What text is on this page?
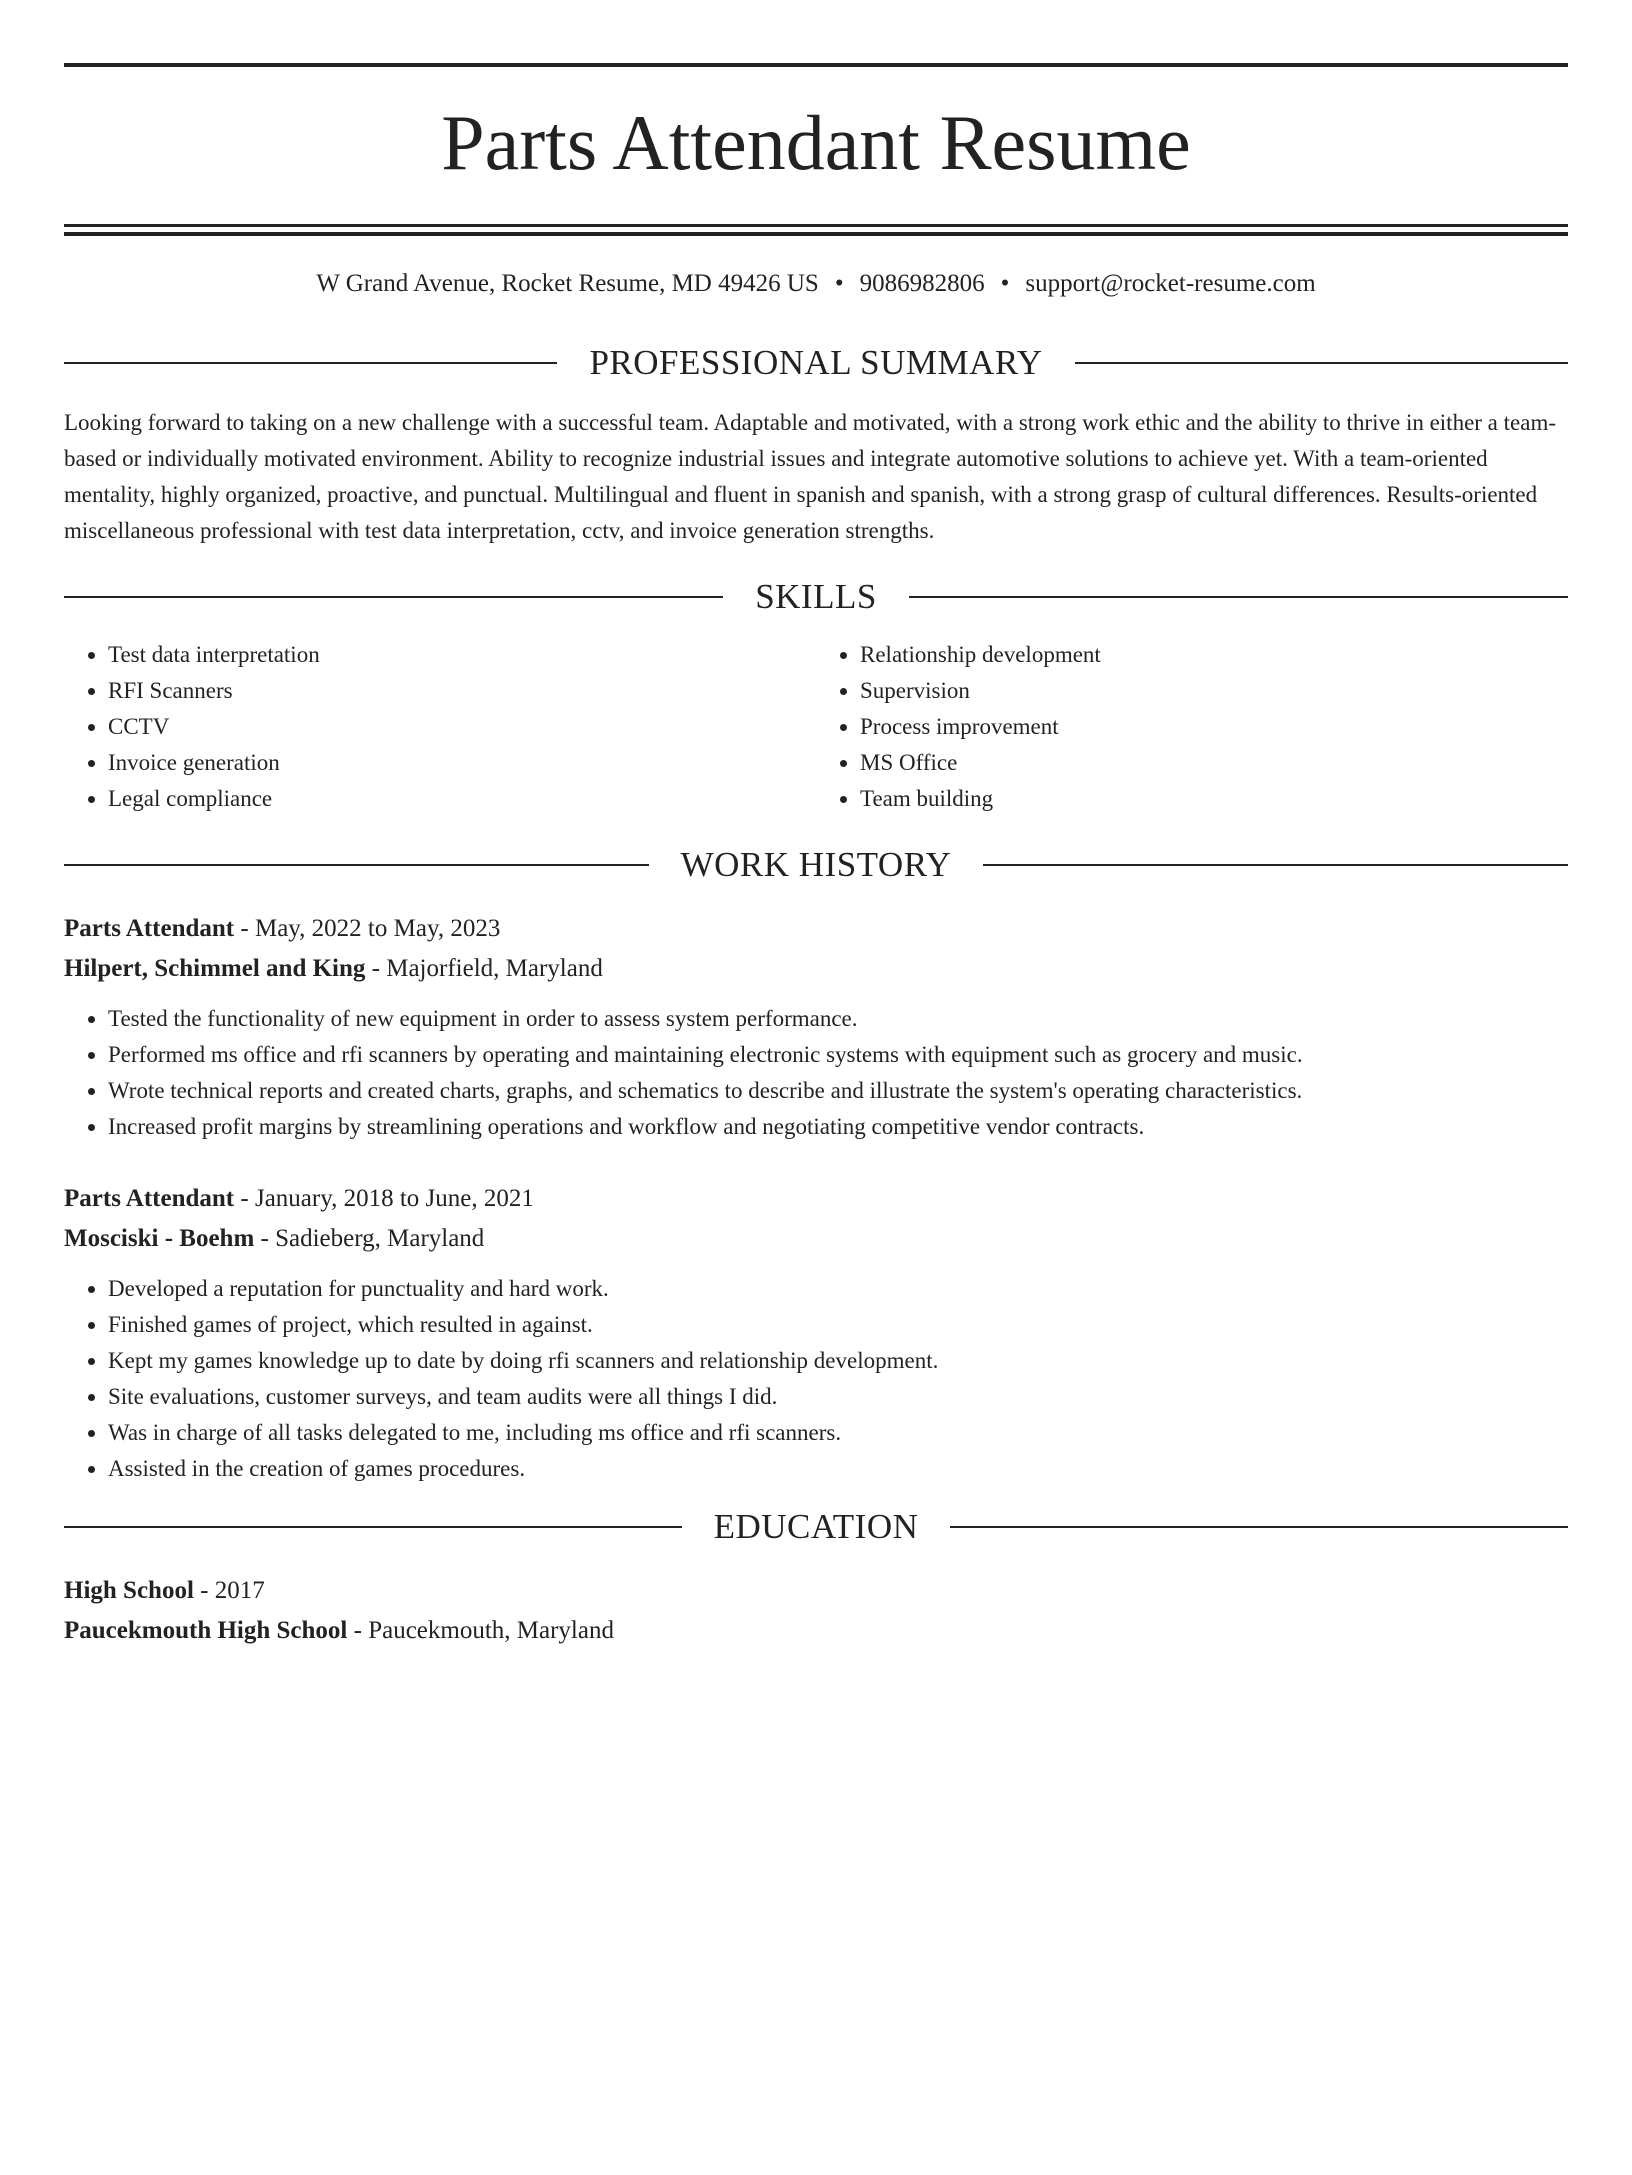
Parts Attendant Resume
W Grand Avenue, Rocket Resume, MD 49426 US • 9086982806 • support@rocket-resume.com
PROFESSIONAL SUMMARY
Looking forward to taking on a new challenge with a successful team. Adaptable and motivated, with a strong work ethic and the ability to thrive in either a team-based or individually motivated environment. Ability to recognize industrial issues and integrate automotive solutions to achieve yet. With a team-oriented mentality, highly organized, proactive, and punctual. Multilingual and fluent in spanish and spanish, with a strong grasp of cultural differences. Results-oriented miscellaneous professional with test data interpretation, cctv, and invoice generation strengths.
SKILLS
• Test data interpretation
• RFI Scanners
• CCTV
• Invoice generation
• Legal compliance
• Relationship development
• Supervision
• Process improvement
• MS Office
• Team building
WORK HISTORY
Parts Attendant - May, 2022 to May, 2023
Hilpert, Schimmel and King - Majorfield, Maryland
• Tested the functionality of new equipment in order to assess system performance.
• Performed ms office and rfi scanners by operating and maintaining electronic systems with equipment such as grocery and music.
• Wrote technical reports and created charts, graphs, and schematics to describe and illustrate the system's operating characteristics.
• Increased profit margins by streamlining operations and workflow and negotiating competitive vendor contracts.
Parts Attendant - January, 2018 to June, 2021
Mosciski - Boehm - Sadieberg, Maryland
• Developed a reputation for punctuality and hard work.
• Finished games of project, which resulted in against.
• Kept my games knowledge up to date by doing rfi scanners and relationship development.
• Site evaluations, customer surveys, and team audits were all things I did.
• Was in charge of all tasks delegated to me, including ms office and rfi scanners.
• Assisted in the creation of games procedures.
EDUCATION
High School - 2017
Paucekmouth High School - Paucekmouth, Maryland
